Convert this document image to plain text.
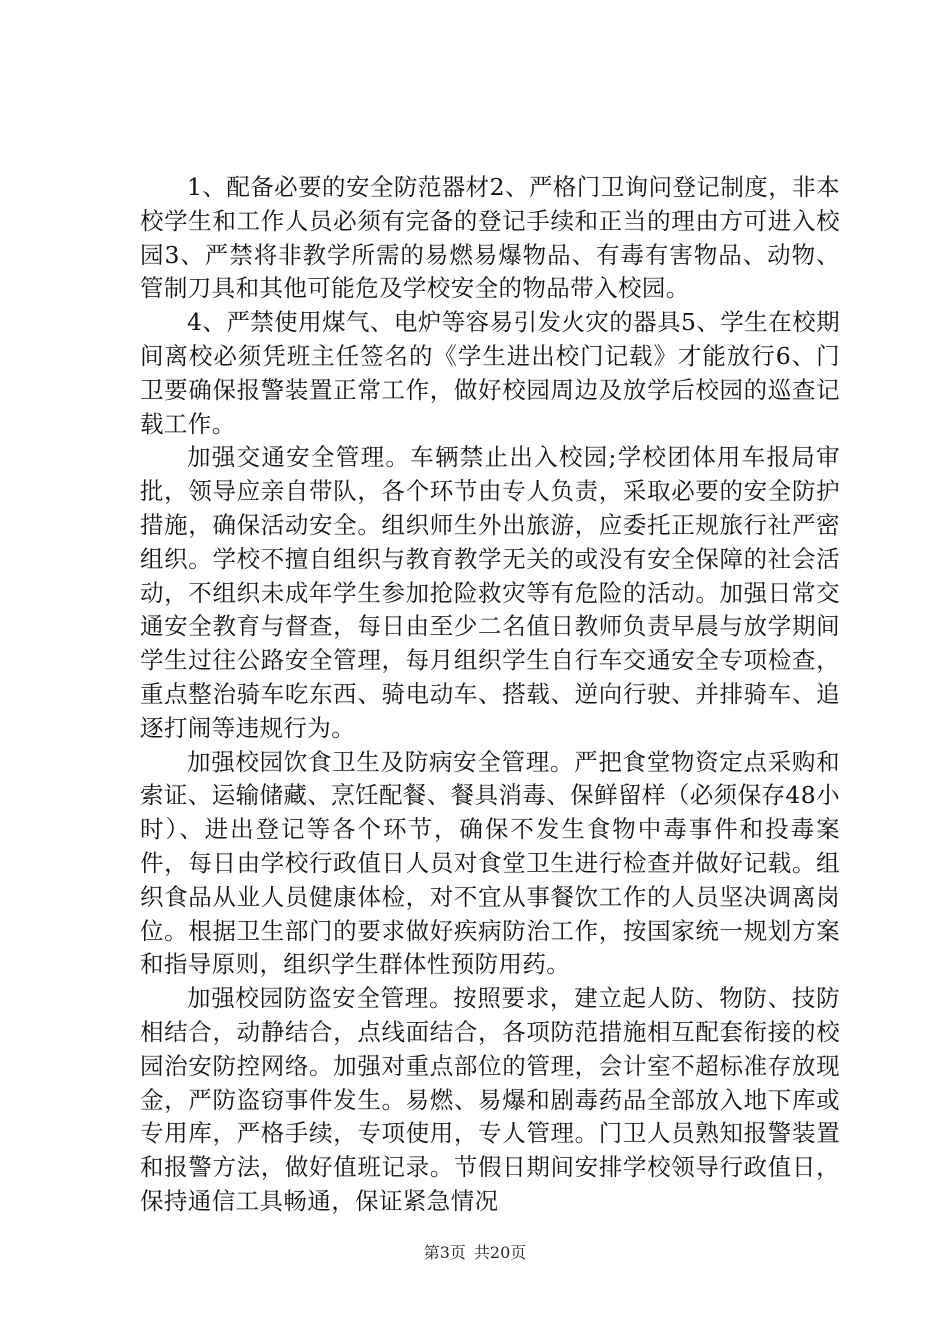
1、配备必要的安全防范器材2、严格门卫询问登记制度，非本校学生和工作人员必须有完备的登记手续和正当的理由方可进入校园3、严禁将非教学所需的易燃易爆物品、有毒有害物品、动物、管制刀具和其他可能危及学校安全的物品带入校园。

4、严禁使用煤气、电炉等容易引发火灾的器具5、学生在校期间离校必须凭班主任签名的《学生进出校门记载》才能放行6、门卫要确保报警装置正常工作，做好校园周边及放学后校园的巡查记载工作。

加强交通安全管理。车辆禁止出入校园;学校团体用车报局审批，领导应亲自带队，各个环节由专人负责，采取必要的安全防护措施，确保活动安全。组织师生外出旅游，应委托正规旅行社严密组织。学校不擅自组织与教育教学无关的或没有安全保障的社会活动，不组织未成年学生参加抢险救灾等有危险的活动。加强日常交通安全教育与督查，每日由至少二名值日教师负责早晨与放学期间学生过往公路安全管理，每月组织学生自行车交通安全专项检查，重点整治骑车吃东西、骑电动车、搭载、逆向行驶、并排骑车、追逐打闹等违规行为。

加强校园饮食卫生及防病安全管理。严把食堂物资定点采购和索证、运输储藏、烹饪配餐、餐具消毒、保鲜留样（必须保存48小时）、进出登记等各个环节，确保不发生食物中毒事件和投毒案件，每日由学校行政值日人员对食堂卫生进行检查并做好记载。组织食品从业人员健康体检，对不宜从事餐饮工作的人员坚决调离岗位。根据卫生部门的要求做好疾病防治工作，按国家统一规划方案和指导原则，组织学生群体性预防用药。

加强校园防盗安全管理。按照要求，建立起人防、物防、技防相结合，动静结合，点线面结合，各项防范措施相互配套衔接的校园治安防控网络。加强对重点部位的管理，会计室不超标准存放现金，严防盗窃事件发生。易燃、易爆和剧毒药品全部放入地下库或专用库，严格手续，专项使用，专人管理。门卫人员熟知报警装置和报警方法，做好值班记录。节假日期间安排学校领导行政值日，保持通信工具畅通，保证紧急情况

第3页 共20页
